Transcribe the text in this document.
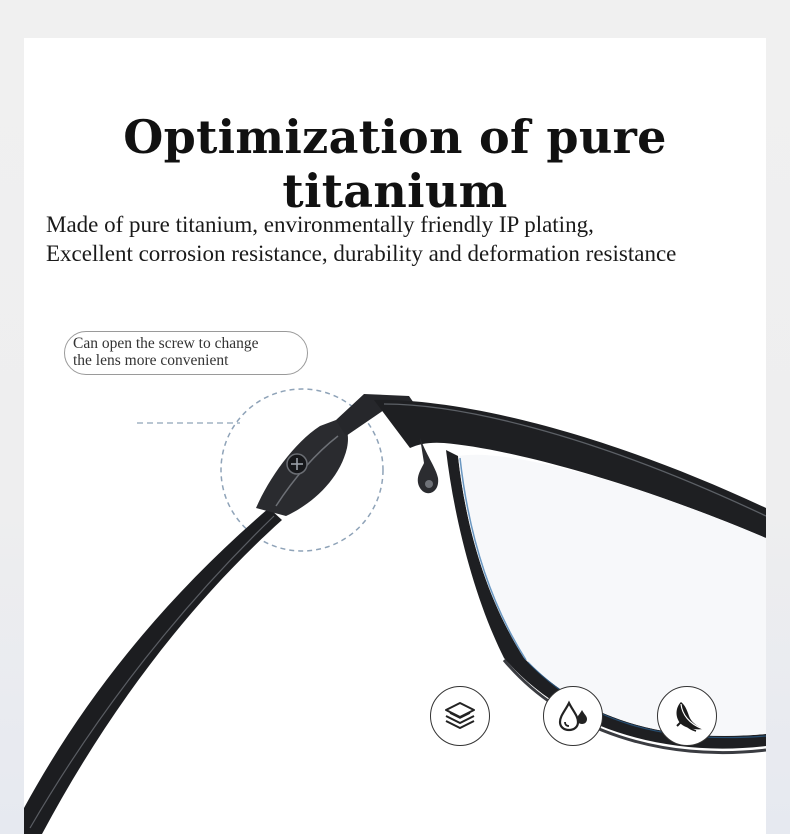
Optimization of pure titanium
Made of pure titanium, environmentally friendly IP plating,
Excellent corrosion resistance, durability and deformation resistance
Can open the screw to change
the lens more convenient
